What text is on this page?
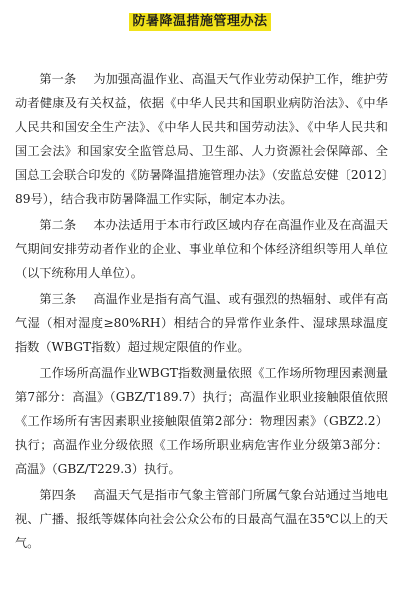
防暑降温措施管理办法

第一条 为加强高温作业、高温天气作业劳动保护工作，维护劳动者健康及有关权益，依据《中华人民共和国职业病防治法》、《中华人民共和国安全生产法》、《中华人民共和国劳动法》、《中华人民共和国工会法》和国家安全监管总局、卫生部、人力资源社会保障部、全国总工会联合印发的《防暑降温措施管理办法》（安监总安健〔2012〕89号），结合我市防暑降温工作实际，制定本办法。

第二条 本办法适用于本市行政区域内存在高温作业及在高温天气期间安排劳动者作业的企业、事业单位和个体经济组织等用人单位（以下统称用人单位）。

第三条 高温作业是指有高气温、或有强烈的热辐射、或伴有高气湿（相对湿度≥80%RH）相结合的异常作业条件、湿球黑球温度指数（WBGT指数）超过规定限值的作业。

工作场所高温作业WBGT指数测量依照《工作场所物理因素测量第7部分：高温》（GBZ/T189.7）执行；高温作业职业接触限值依照《工作场所有害因素职业接触限值第2部分：物理因素》（GBZ2.2）执行；高温作业分级依照《工作场所职业病危害作业分级第3部分：高温》（GBZ/T229.3）执行。

第四条 高温天气是指市气象主管部门所属气象台站通过当地电视、广播、报纸等媒体向社会公众公布的日最高气温在35℃以上的天气。
